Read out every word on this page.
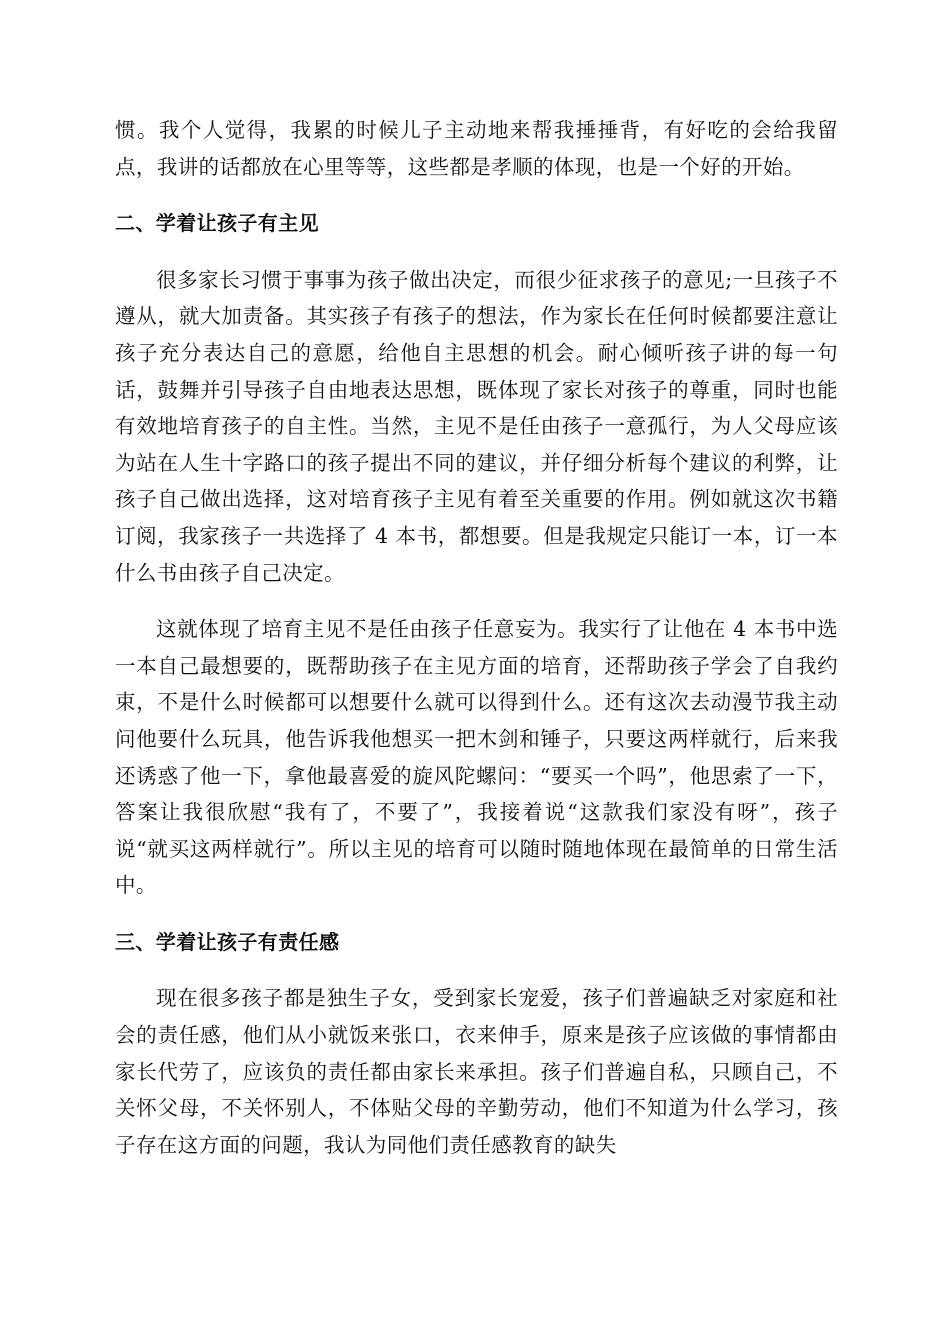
惯。我个人觉得，我累的时候儿子主动地来帮我捶捶背，有好吃的会给我留点，我讲的话都放在心里等等，这些都是孝顺的体现，也是一个好的开始。

二、学着让孩子有主见

很多家长习惯于事事为孩子做出决定，而很少征求孩子的意见;一旦孩子不遵从，就大加责备。其实孩子有孩子的想法，作为家长在任何时候都要注意让孩子充分表达自己的意愿，给他自主思想的机会。耐心倾听孩子讲的每一句话，鼓舞并引导孩子自由地表达思想，既体现了家长对孩子的尊重，同时也能有效地培育孩子的自主性。当然，主见不是任由孩子一意孤行，为人父母应该为站在人生十字路口的孩子提出不同的建议，并仔细分析每个建议的利弊，让孩子自己做出选择，这对培育孩子主见有着至关重要的作用。例如就这次书籍订阅，我家孩子一共选择了 4 本书，都想要。但是我规定只能订一本，订一本什么书由孩子自己决定。

这就体现了培育主见不是任由孩子任意妄为。我实行了让他在 4 本书中选一本自己最想要的，既帮助孩子在主见方面的培育，还帮助孩子学会了自我约束，不是什么时候都可以想要什么就可以得到什么。还有这次去动漫节我主动问他要什么玩具，他告诉我他想买一把木剑和锤子，只要这两样就行，后来我还诱惑了他一下，拿他最喜爱的旋风陀螺问：“要买一个吗”，他思索了一下，答案让我很欣慰“我有了，不要了”，我接着说“这款我们家没有呀”，孩子说“就买这两样就行”。所以主见的培育可以随时随地体现在最简单的日常生活中。

三、学着让孩子有责任感

现在很多孩子都是独生子女，受到家长宠爱，孩子们普遍缺乏对家庭和社会的责任感，他们从小就饭来张口，衣来伸手，原来是孩子应该做的事情都由家长代劳了，应该负的责任都由家长来承担。孩子们普遍自私，只顾自己，不关怀父母，不关怀别人，不体贴父母的辛勤劳动，他们不知道为什么学习，孩子存在这方面的问题，我认为同他们责任感教育的缺失
